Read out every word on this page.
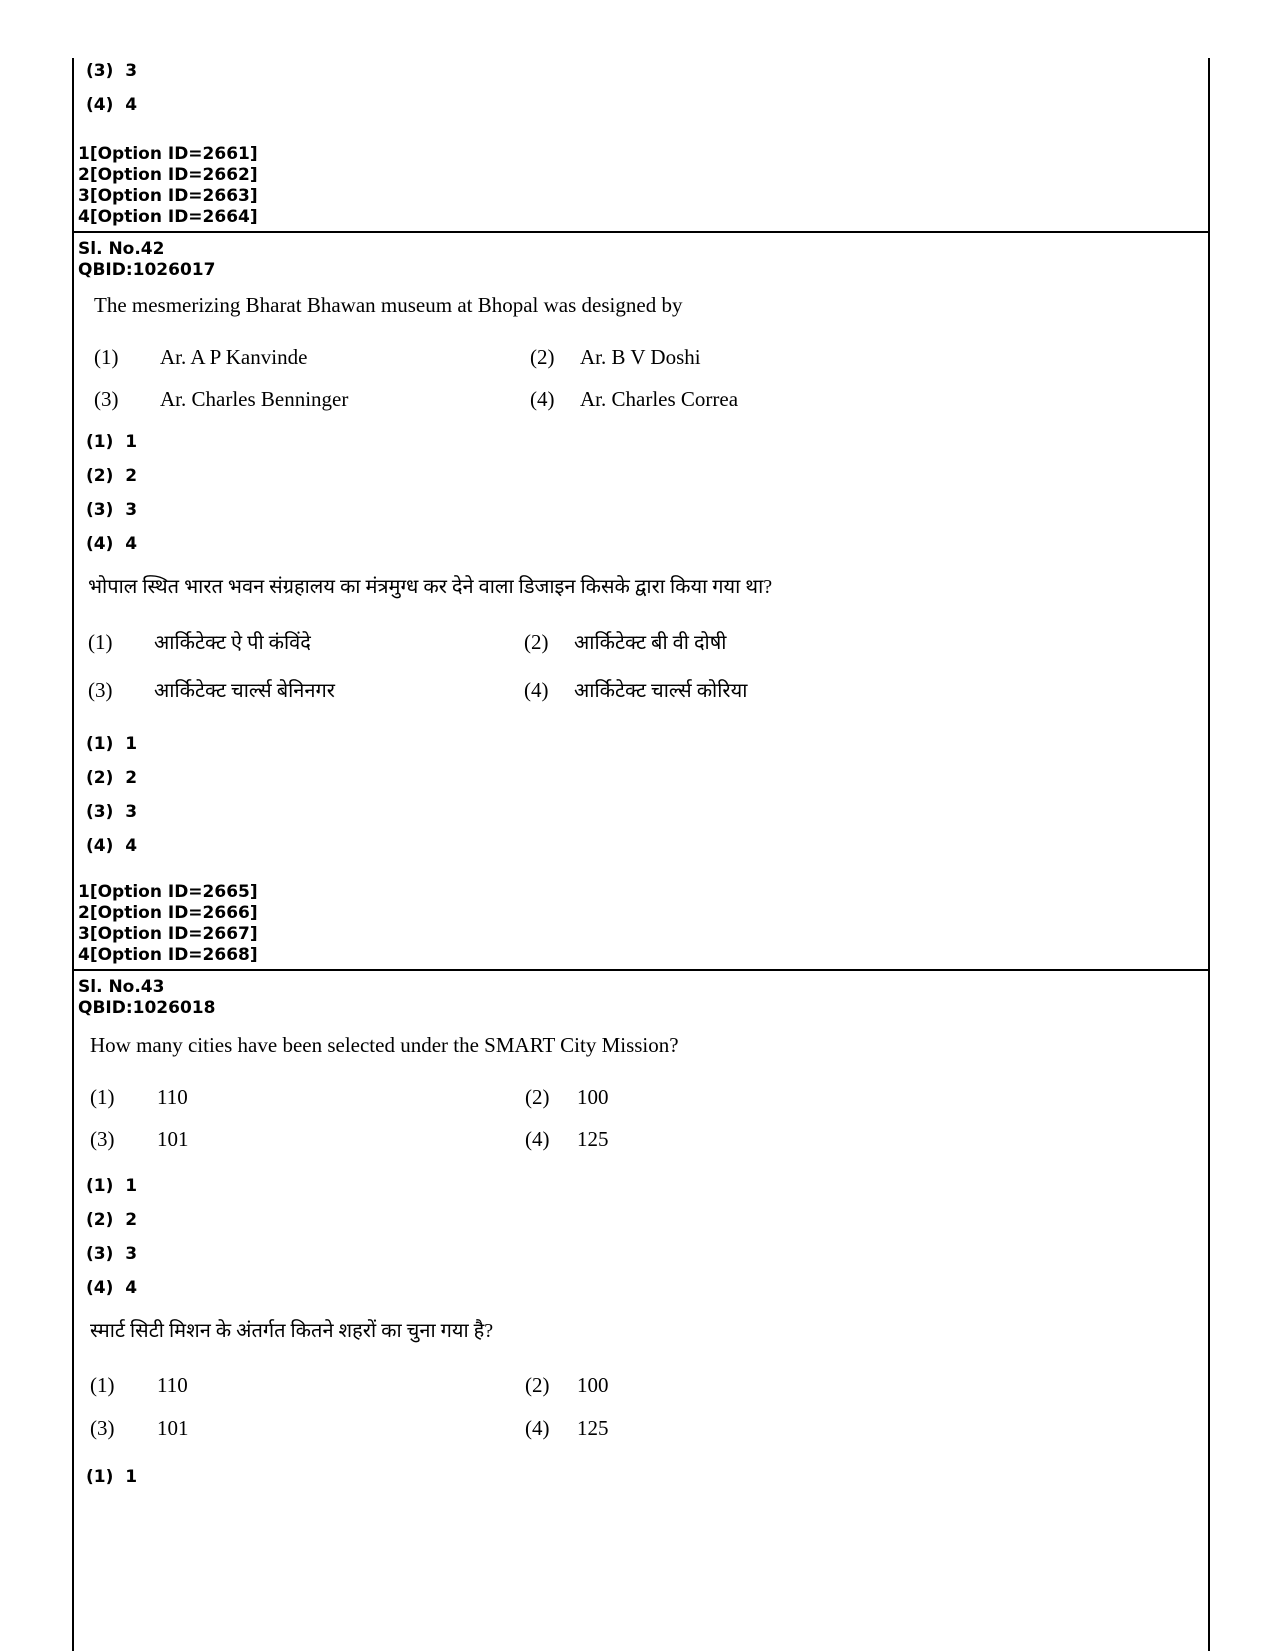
(3) 3
(4) 4
1[Option ID=2661]
2[Option ID=2662]
3[Option ID=2663]
4[Option ID=2664]
Sl. No.42
QBID:1026017
The mesmerizing Bharat Bhawan museum at Bhopal was designed by
(1) Ar. A P Kanvinde	(2) Ar. B V Doshi
(3) Ar. Charles Benninger	(4) Ar. Charles Correa
(1) 1
(2) 2
(3) 3
(4) 4
भोपाल स्थित भारत भवन संग्रहालय का मंत्रमुग्ध कर देने वाला डिजाइन किसके द्वारा किया गया था?
(1) आर्किटेक्ट ऐ पी कंविंदे	(2) आर्किटेक्ट बी वी दोषी
(3) आर्किटेक्ट चार्ल्स बेनिनगर	(4) आर्किटेक्ट चार्ल्स कोरिया
(1) 1
(2) 2
(3) 3
(4) 4
1[Option ID=2665]
2[Option ID=2666]
3[Option ID=2667]
4[Option ID=2668]
Sl. No.43
QBID:1026018
How many cities have been selected under the SMART City Mission?
(1) 110	(2) 100
(3) 101	(4) 125
(1) 1
(2) 2
(3) 3
(4) 4
स्मार्ट सिटी मिशन के अंतर्गत कितने शहरों का चुना गया है?
(1) 110	(2) 100
(3) 101	(4) 125
(1) 1
